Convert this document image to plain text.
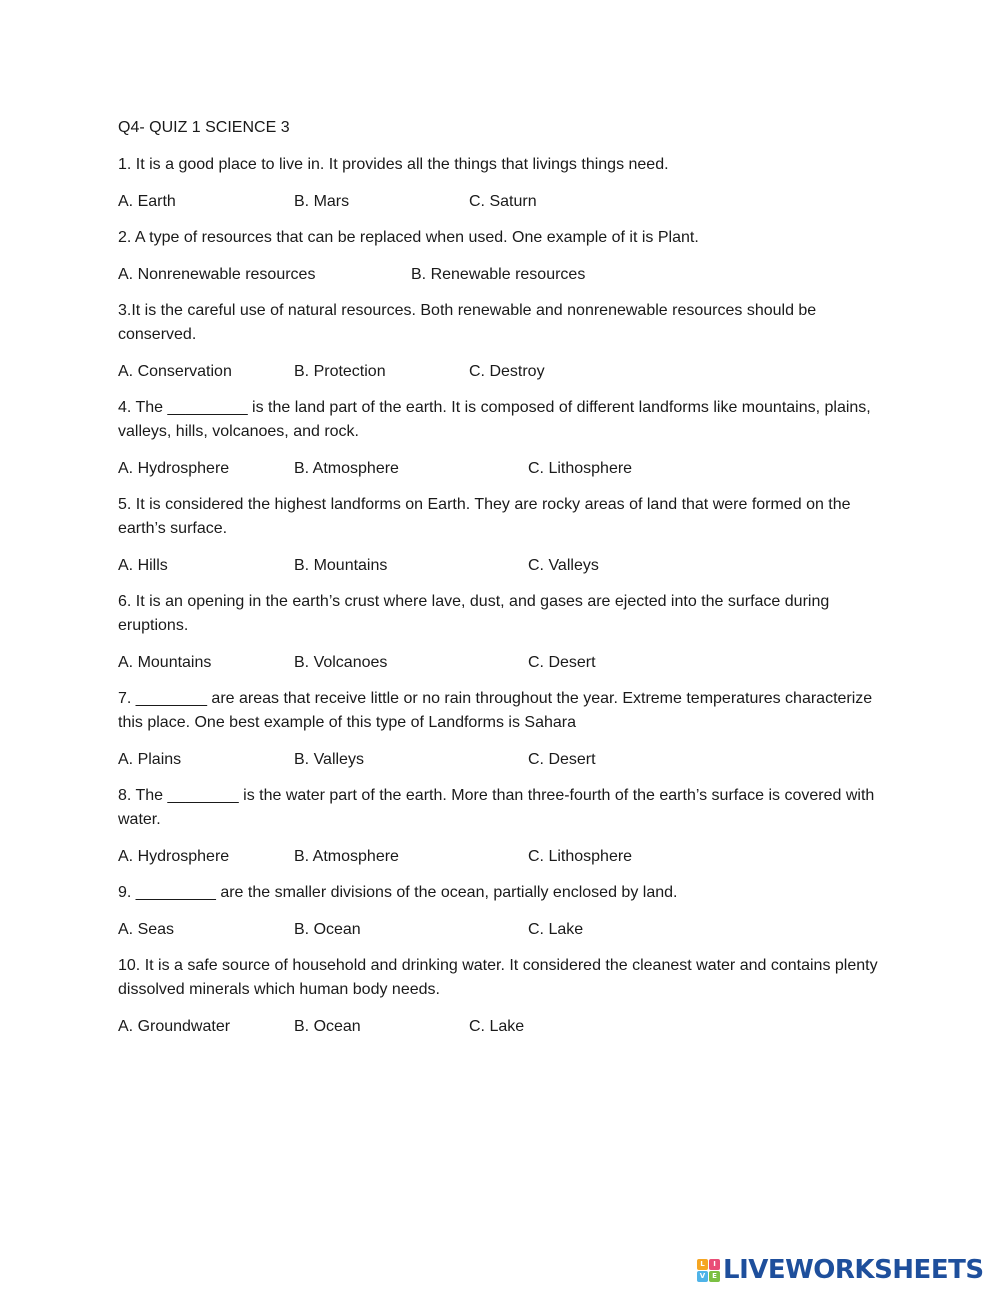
Q4- QUIZ 1 SCIENCE 3
1. It is a good place to live in. It provides all the things that livings things need.
A. Earth	B. Mars	C. Saturn
2. A type of resources that can be replaced when used. One example of it is Plant.
A. Nonrenewable resources	B. Renewable resources
3.It is the careful use of natural resources. Both renewable and nonrenewable resources should be conserved.
A. Conservation	B. Protection	C. Destroy
4. The _________ is the land part of the earth. It is composed of different landforms like mountains, plains, valleys, hills, volcanoes, and rock.
A. Hydrosphere	B. Atmosphere	C. Lithosphere
5. It is considered the highest landforms on Earth. They are rocky areas of land that were formed on the earth’s surface.
A. Hills	B. Mountains	C. Valleys
6. It is an opening in the earth’s crust where lave, dust, and gases are ejected into the surface during eruptions.
A. Mountains	B. Volcanoes	C. Desert
7. ________ are areas that receive little or no rain throughout the year. Extreme temperatures characterize this place. One best example of this type of Landforms is Sahara
A. Plains	B. Valleys	C. Desert
8. The ________ is the water part of the earth. More than three-fourth of the earth’s surface is covered with water.
A. Hydrosphere	B. Atmosphere	C. Lithosphere
9. _________ are the smaller divisions of the ocean, partially enclosed by land.
A. Seas	B. Ocean	C. Lake
10. It is a safe source of household and drinking water. It considered the cleanest water and contains plenty dissolved minerals which human body needs.
A. Groundwater	B. Ocean	C. Lake
L	I
V E LIVEWORKSHEETS
